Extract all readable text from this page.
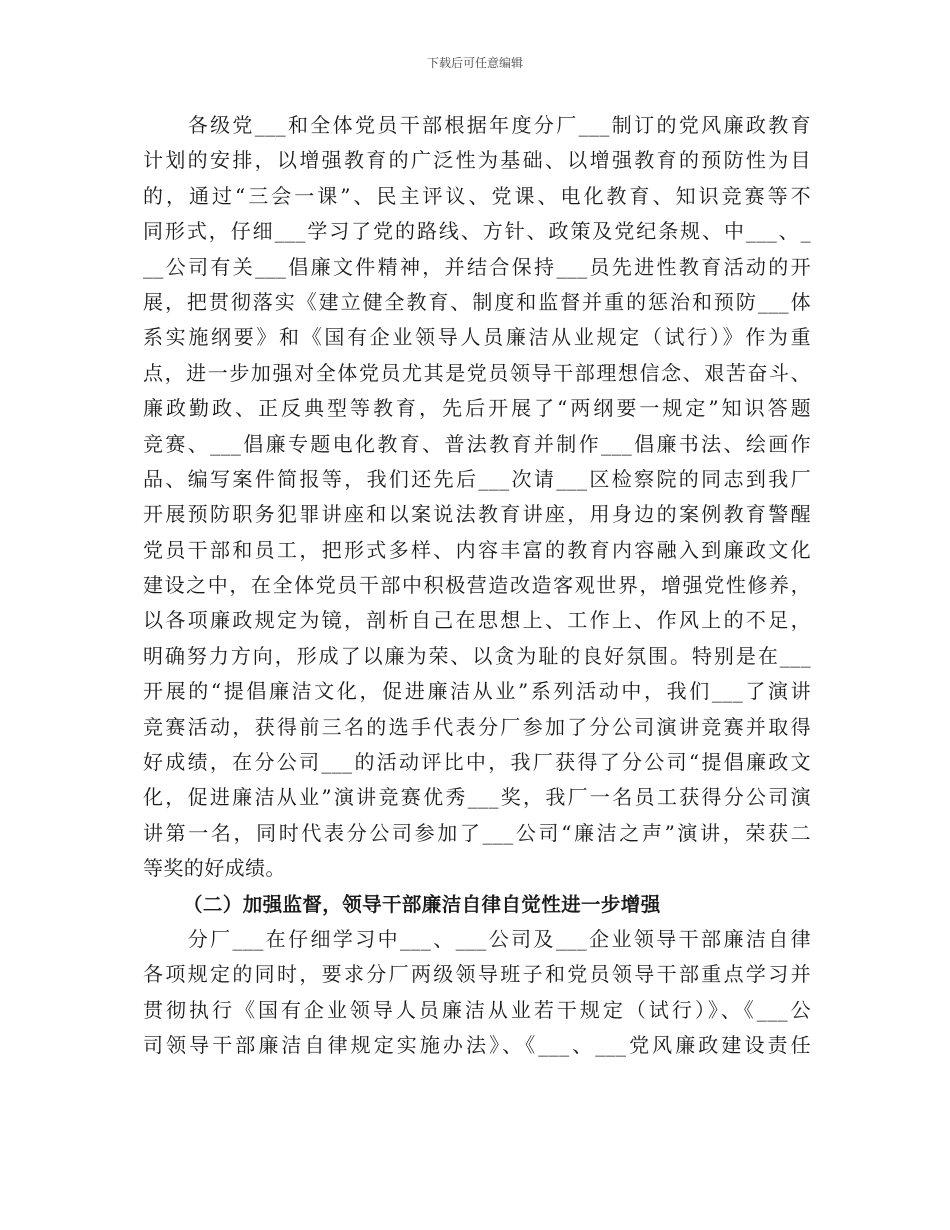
下载后可任意编辑
　　各级党___和全体党员干部根据年度分厂___制订的党风廉政教育
计划的安排，以增强教育的广泛性为基础、以增强教育的预防性为目
的，通过“三会一课”、民主评议、党课、电化教育、知识竞赛等不
同形式，仔细___学习了党的路线、方针、政策及党纪条规、中___、_
__公司有关___倡廉文件精神，并结合保持___员先进性教育活动的开
展，把贯彻落实《建立健全教育、制度和监督并重的惩治和预防___体
系实施纲要》和《国有企业领导人员廉洁从业规定（试行）》作为重
点，进一步加强对全体党员尤其是党员领导干部理想信念、艰苦奋斗、
廉政勤政、正反典型等教育，先后开展了“两纲要一规定”知识答题
竞赛、___倡廉专题电化教育、普法教育并制作___倡廉书法、绘画作
品、编写案件简报等，我们还先后___次请___区检察院的同志到我厂
开展预防职务犯罪讲座和以案说法教育讲座，用身边的案例教育警醒
党员干部和员工，把形式多样、内容丰富的教育内容融入到廉政文化
建设之中，在全体党员干部中积极营造改造客观世界，增强党性修养，
以各项廉政规定为镜，剖析自己在思想上、工作上、作风上的不足，
明确努力方向，形成了以廉为荣、以贪为耻的良好氛围。特别是在___
开展的“提倡廉洁文化，促进廉洁从业”系列活动中，我们___了演讲
竞赛活动，获得前三名的选手代表分厂参加了分公司演讲竞赛并取得
好成绩，在分公司___的活动评比中，我厂获得了分公司“提倡廉政文
化，促进廉洁从业”演讲竞赛优秀___奖，我厂一名员工获得分公司演
讲第一名，同时代表分公司参加了___公司“廉洁之声”演讲，荣获二
等奖的好成绩。
（二）加强监督，领导干部廉洁自律自觉性进一步增强
　　分厂___在仔细学习中___、___公司及___企业领导干部廉洁自律
各项规定的同时，要求分厂两级领导班子和党员领导干部重点学习并
贯彻执行《国有企业领导人员廉洁从业若干规定（试行）》、《___公
司领导干部廉洁自律规定实施办法》、《___、___党风廉政建设责任
